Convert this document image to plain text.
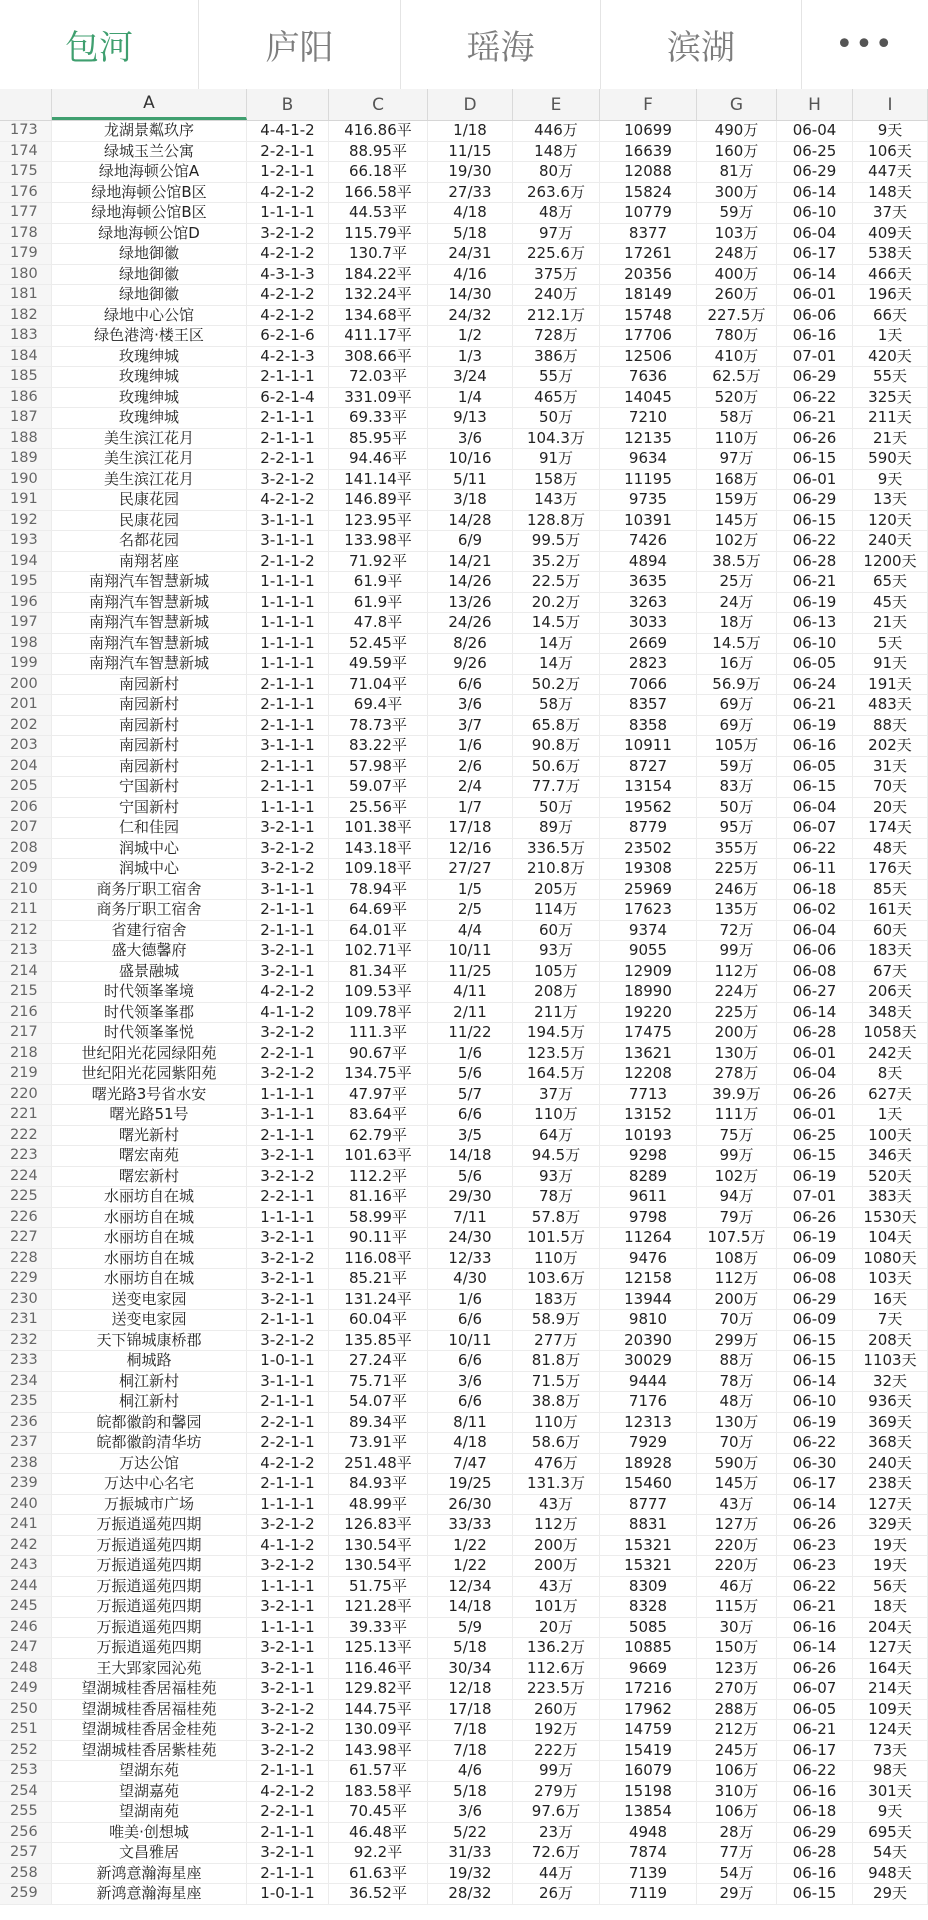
包河	庐阳	瑶海	滨湖	•••
A	B	C	D	E	F	G	H	I
173	龙湖景粼玖序	4-4-1-2	416.86平	1/18	446万	10699	490万	06-04	9天
174	绿城玉兰公寓	2-2-1-1	88.95平	11/15	148万	16639	160万	06-25	106天
175	绿地海顿公馆A	1-2-1-1	66.18平	19/30	80万	12088	81万	06-29	447天
176	绿地海顿公馆B区	4-2-1-2	166.58平	27/33	263.6万	15824	300万	06-14	148天
177	绿地海顿公馆B区	1-1-1-1	44.53平	4/18	48万	10779	59万	06-10	37天
178	绿地海顿公馆D	3-2-1-2	115.79平	5/18	97万	8377	103万	06-04	409天
179	绿地御徽	4-2-1-2	130.7平	24/31	225.6万	17261	248万	06-17	538天
180	绿地御徽	4-3-1-3	184.22平	4/16	375万	20356	400万	06-14	466天
181	绿地御徽	4-2-1-2	132.24平	14/30	240万	18149	260万	06-01	196天
182	绿地中心公馆	4-2-1-2	134.68平	24/32	212.1万	15748	227.5万	06-06	66天
183	绿色港湾·楼王区	6-2-1-6	411.17平	1/2	728万	17706	780万	06-16	1天
184	玫瑰绅城	4-2-1-3	308.66平	1/3	386万	12506	410万	07-01	420天
185	玫瑰绅城	2-1-1-1	72.03平	3/24	55万	7636	62.5万	06-29	55天
186	玫瑰绅城	6-2-1-4	331.09平	1/4	465万	14045	520万	06-22	325天
187	玫瑰绅城	2-1-1-1	69.33平	9/13	50万	7210	58万	06-21	211天
188	美生滨江花月	2-1-1-1	85.95平	3/6	104.3万	12135	110万	06-26	21天
189	美生滨江花月	2-2-1-1	94.46平	10/16	91万	9634	97万	06-15	590天
190	美生滨江花月	3-2-1-2	141.14平	5/11	158万	11195	168万	06-01	9天
191	民康花园	4-2-1-2	146.89平	3/18	143万	9735	159万	06-29	13天
192	民康花园	3-1-1-1	123.95平	14/28	128.8万	10391	145万	06-15	120天
193	名都花园	3-1-1-1	133.98平	6/9	99.5万	7426	102万	06-22	240天
194	南翔茗座	2-1-1-2	71.92平	14/21	35.2万	4894	38.5万	06-28	1200天
195	南翔汽车智慧新城	1-1-1-1	61.9平	14/26	22.5万	3635	25万	06-21	65天
196	南翔汽车智慧新城	1-1-1-1	61.9平	13/26	20.2万	3263	24万	06-19	45天
197	南翔汽车智慧新城	1-1-1-1	47.8平	24/26	14.5万	3033	18万	06-13	21天
198	南翔汽车智慧新城	1-1-1-1	52.45平	8/26	14万	2669	14.5万	06-10	5天
199	南翔汽车智慧新城	1-1-1-1	49.59平	9/26	14万	2823	16万	06-05	91天
200	南园新村	2-1-1-1	71.04平	6/6	50.2万	7066	56.9万	06-24	191天
201	南园新村	2-1-1-1	69.4平	3/6	58万	8357	69万	06-21	483天
202	南园新村	2-1-1-1	78.73平	3/7	65.8万	8358	69万	06-19	88天
203	南园新村	3-1-1-1	83.22平	1/6	90.8万	10911	105万	06-16	202天
204	南园新村	2-1-1-1	57.98平	2/6	50.6万	8727	59万	06-05	31天
205	宁国新村	2-1-1-1	59.07平	2/4	77.7万	13154	83万	06-15	70天
206	宁国新村	1-1-1-1	25.56平	1/7	50万	19562	50万	06-04	20天
207	仁和佳园	3-2-1-1	101.38平	17/18	89万	8779	95万	06-07	174天
208	润城中心	3-2-1-2	143.18平	12/16	336.5万	23502	355万	06-22	48天
209	润城中心	3-2-1-2	109.18平	27/27	210.8万	19308	225万	06-11	176天
210	商务厅职工宿舍	3-1-1-1	78.94平	1/5	205万	25969	246万	06-18	85天
211	商务厅职工宿舍	2-1-1-1	64.69平	2/5	114万	17623	135万	06-02	161天
212	省建行宿舍	2-1-1-1	64.01平	4/4	60万	9374	72万	06-04	60天
213	盛大德馨府	3-2-1-1	102.71平	10/11	93万	9055	99万	06-06	183天
214	盛景融城	3-2-1-1	81.34平	11/25	105万	12909	112万	06-08	67天
215	时代领峯峯境	4-2-1-2	109.53平	4/11	208万	18990	224万	06-27	206天
216	时代领峯峯郡	4-1-1-2	109.78平	2/11	211万	19220	225万	06-14	348天
217	时代领峯峯悦	3-2-1-2	111.3平	11/22	194.5万	17475	200万	06-28	1058天
218	世纪阳光花园绿阳苑	2-2-1-1	90.67平	1/6	123.5万	13621	130万	06-01	242天
219	世纪阳光花园紫阳苑	3-2-1-2	134.75平	5/6	164.5万	12208	278万	06-04	8天
220	曙光路3号省水安	1-1-1-1	47.97平	5/7	37万	7713	39.9万	06-26	627天
221	曙光路51号	3-1-1-1	83.64平	6/6	110万	13152	111万	06-01	1天
222	曙光新村	2-1-1-1	62.79平	3/5	64万	10193	75万	06-25	100天
223	曙宏南苑	3-2-1-1	101.63平	14/18	94.5万	9298	99万	06-15	346天
224	曙宏新村	3-2-1-2	112.2平	5/6	93万	8289	102万	06-19	520天
225	水丽坊自在城	2-2-1-1	81.16平	29/30	78万	9611	94万	07-01	383天
226	水丽坊自在城	1-1-1-1	58.99平	7/11	57.8万	9798	79万	06-26	1530天
227	水丽坊自在城	3-2-1-1	90.11平	24/30	101.5万	11264	107.5万	06-19	104天
228	水丽坊自在城	3-2-1-2	116.08平	12/33	110万	9476	108万	06-09	1080天
229	水丽坊自在城	3-2-1-1	85.21平	4/30	103.6万	12158	112万	06-08	103天
230	送变电家园	3-2-1-1	131.24平	1/6	183万	13944	200万	06-29	16天
231	送变电家园	2-1-1-1	60.04平	6/6	58.9万	9810	70万	06-09	7天
232	天下锦城康桥郡	3-2-1-2	135.85平	10/11	277万	20390	299万	06-15	208天
233	桐城路	1-0-1-1	27.24平	6/6	81.8万	30029	88万	06-15	1103天
234	桐江新村	3-1-1-1	75.71平	3/6	71.5万	9444	78万	06-14	32天
235	桐江新村	2-1-1-1	54.07平	6/6	38.8万	7176	48万	06-10	936天
236	皖都徽韵和馨园	2-2-1-1	89.34平	8/11	110万	12313	130万	06-19	369天
237	皖都徽韵清华坊	2-2-1-1	73.91平	4/18	58.6万	7929	70万	06-22	368天
238	万达公馆	4-2-1-2	251.48平	7/47	476万	18928	590万	06-30	240天
239	万达中心名宅	2-1-1-1	84.93平	19/25	131.3万	15460	145万	06-17	238天
240	万振城市广场	1-1-1-1	48.99平	26/30	43万	8777	43万	06-14	127天
241	万振逍遥苑四期	3-2-1-2	126.83平	33/33	112万	8831	127万	06-26	329天
242	万振逍遥苑四期	4-1-1-2	130.54平	1/22	200万	15321	220万	06-23	19天
243	万振逍遥苑四期	3-2-1-2	130.54平	1/22	200万	15321	220万	06-23	19天
244	万振逍遥苑四期	1-1-1-1	51.75平	12/34	43万	8309	46万	06-22	56天
245	万振逍遥苑四期	3-2-1-1	121.28平	14/18	101万	8328	115万	06-21	18天
246	万振逍遥苑四期	1-1-1-1	39.33平	5/9	20万	5085	30万	06-16	204天
247	万振逍遥苑四期	3-2-1-1	125.13平	5/18	136.2万	10885	150万	06-14	127天
248	王大郢家园沁苑	3-2-1-1	116.46平	30/34	112.6万	9669	123万	06-26	164天
249	望湖城桂香居福桂苑	3-2-1-1	129.82平	12/18	223.5万	17216	270万	06-07	214天
250	望湖城桂香居福桂苑	3-2-1-2	144.75平	17/18	260万	17962	288万	06-05	109天
251	望湖城桂香居金桂苑	3-2-1-2	130.09平	7/18	192万	14759	212万	06-21	124天
252	望湖城桂香居紫桂苑	3-2-1-2	143.98平	7/18	222万	15419	245万	06-17	73天
253	望湖东苑	2-1-1-1	61.57平	4/6	99万	16079	106万	06-22	98天
254	望湖嘉苑	4-2-1-2	183.58平	5/18	279万	15198	310万	06-16	301天
255	望湖南苑	2-2-1-1	70.45平	3/6	97.6万	13854	106万	06-18	9天
256	唯美·创想城	2-1-1-1	46.48平	5/22	23万	4948	28万	06-29	695天
257	文昌雅居	3-2-1-1	92.2平	31/33	72.6万	7874	77万	06-28	54天
258	新鸿意瀚海星座	2-1-1-1	61.63平	19/32	44万	7139	54万	06-16	948天
259	新鸿意瀚海星座	1-0-1-1	36.52平	28/32	26万	7119	29万	06-15	29天
